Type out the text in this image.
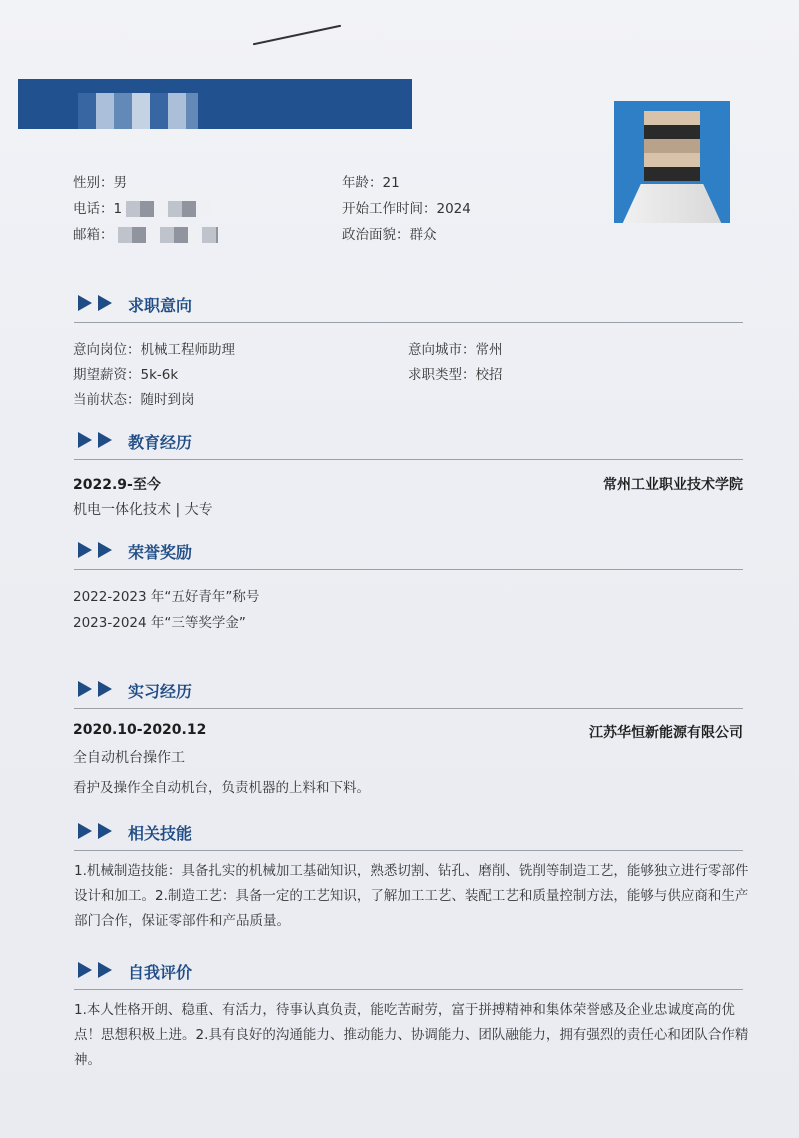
性别：男	年龄：21
电话：1	开始工作时间：2024
邮箱：	政治面貌：群众
求职意向
意向岗位：机械工程师助理	意向城市：常州
期望薪资：5k-6k	求职类型：校招
当前状态：随时到岗
教育经历
2022.9-至今	常州工业职业技术学院
机电一体化技术 | 大专
荣誉奖励
2022-2023 年“五好青年”称号
2023-2024 年“三等奖学金”
实习经历
2020.10-2020.12	江苏华恒新能源有限公司
全自动机台操作工
看护及操作全自动机台，负责机器的上料和下料。
相关技能
1.机械制造技能：具备扎实的机械加工基础知识，熟悉切割、钻孔、磨削、铣削等制造工艺，能够独立进行零部件设计和加工。2.制造工艺：具备一定的工艺知识，了解加工工艺、装配工艺和质量控制方法，能够与供应商和生产部门合作，保证零部件和产品质量。
自我评价
1.本人性格开朗、稳重、有活力，待事认真负责，能吃苦耐劳，富于拼搏精神和集体荣誉感及企业忠诚度高的优点！思想积极上进。2.具有良好的沟通能力、推动能力、协调能力、团队融能力，拥有强烈的责任心和团队合作精神。
